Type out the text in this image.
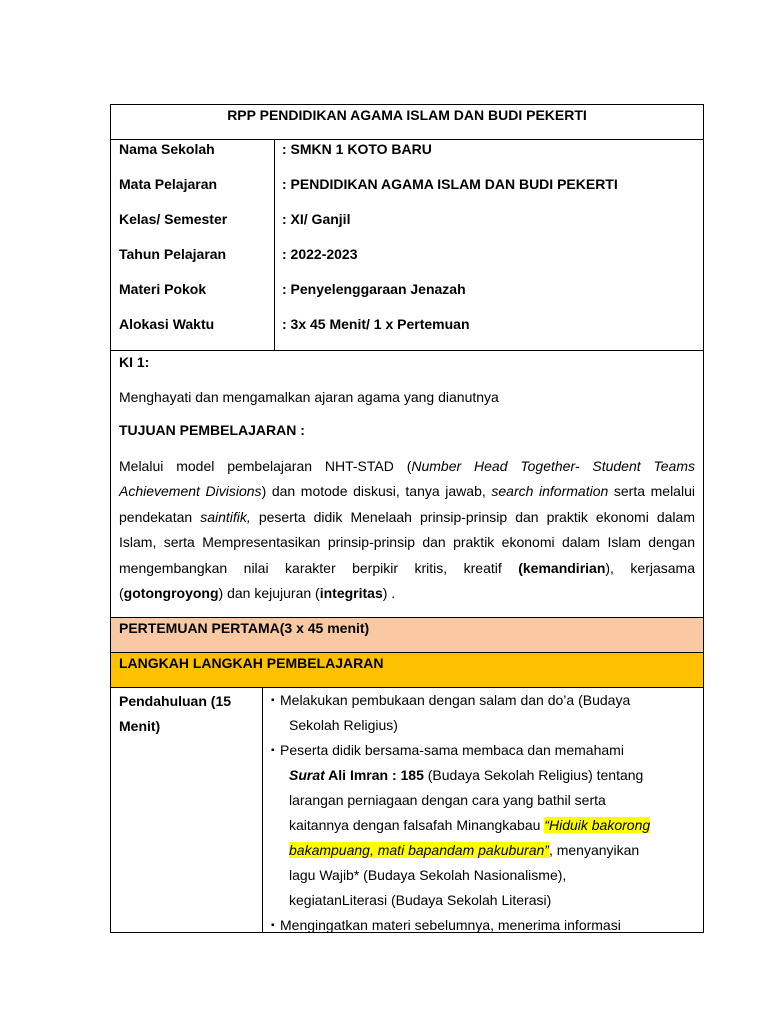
RPP PENDIDIKAN AGAMA ISLAM DAN BUDI PEKERTI
Nama Sekolah
Mata Pelajaran
Kelas/ Semester
Tahun Pelajaran
Materi Pokok
Alokasi Waktu
: SMKN 1 KOTO BARU
: PENDIDIKAN AGAMA ISLAM DAN BUDI PEKERTI
: XI/ Ganjil
: 2022-2023
: Penyelenggaraan Jenazah
: 3x 45 Menit/ 1 x Pertemuan
KI 1:

Menghayati dan mengamalkan ajaran agama yang dianutnya

TUJUAN PEMBELAJARAN :

Melalui model pembelajaran NHT-STAD (Number Head Together- Student Teams Achievement Divisions) dan motode diskusi, tanya jawab, search information serta melalui pendekatan saintifik, peserta didik Menelaah prinsip-prinsip dan praktik ekonomi dalam Islam, serta Mempresentasikan prinsip-prinsip dan praktik ekonomi dalam Islam dengan mengembangkan nilai karakter berpikir kritis, kreatif (kemandirian), kerjasama (gotongroyong) dan kejujuran (integritas) .

PERTEMUAN PERTAMA(3 x 45 menit)
LANGKAH LANGKAH PEMBELAJARAN
Pendahuluan (15
Menit)
▪ Melakukan pembukaan dengan salam dan do’a (Budaya
Sekolah Religius)
▪ Peserta didik bersama-sama membaca dan memahami
Surat Ali Imran : 185 (Budaya Sekolah Religius) tentang
larangan perniagaan dengan cara yang bathil serta
kaitannya dengan falsafah Minangkabau “Hiduik bakorong
bakampuang, mati bapandam pakuburan”, menyanyikan
lagu Wajib* (Budaya Sekolah Nasionalisme),
kegiatanLiterasi (Budaya Sekolah Literasi)
▪ Mengingatkan materi sebelumnya, menerima informasi
